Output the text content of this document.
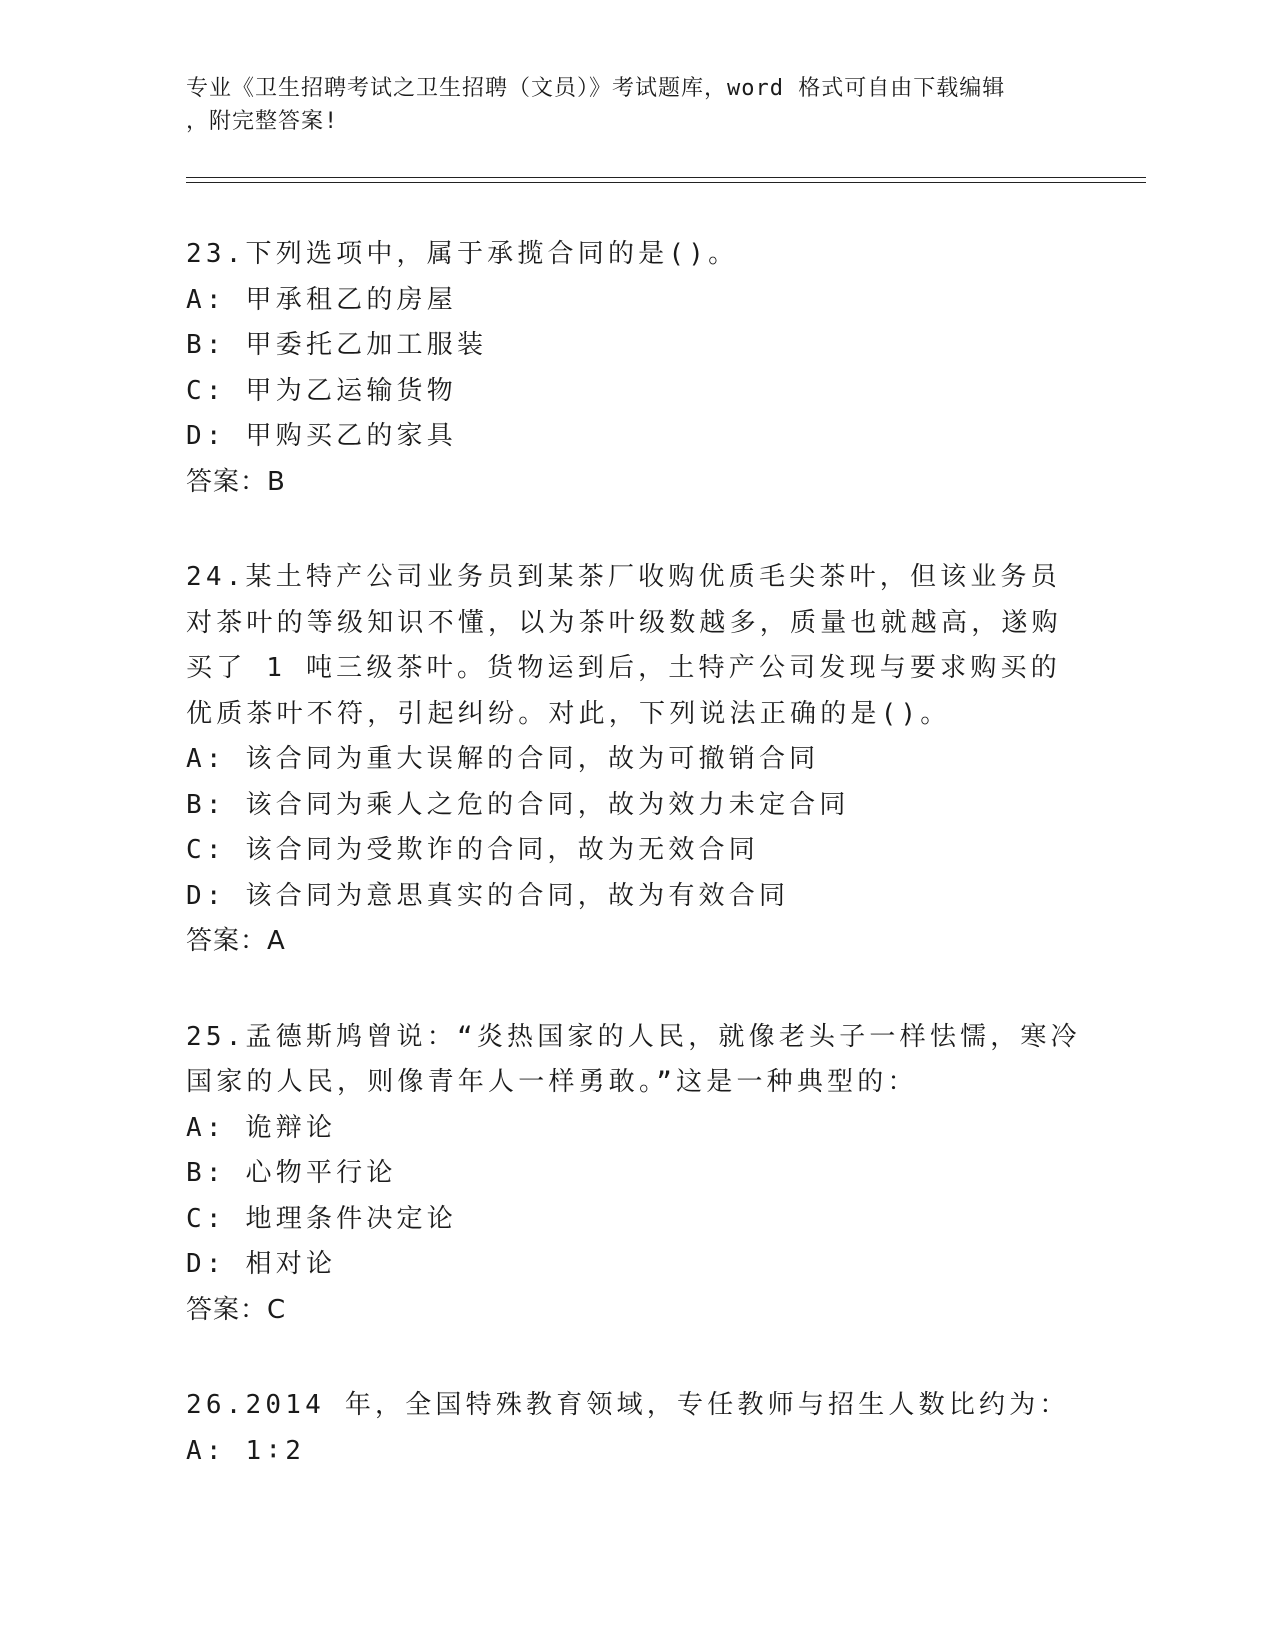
专业《卫生招聘考试之卫生招聘（文员）》考试题库，word 格式可自由下载编辑
，附完整答案!
23.下列选项中，属于承揽合同的是()。
A: 甲承租乙的房屋
B: 甲委托乙加工服装
C: 甲为乙运输货物
D: 甲购买乙的家具
答案：B
24.某土特产公司业务员到某茶厂收购优质毛尖茶叶，但该业务员对茶叶的等级知识不懂，以为茶叶级数越多，质量也就越高，遂购买了 1 吨三级茶叶。货物运到后，土特产公司发现与要求购买的优质茶叶不符，引起纠纷。对此，下列说法正确的是()。
A: 该合同为重大误解的合同，故为可撤销合同
B: 该合同为乘人之危的合同，故为效力未定合同
C: 该合同为受欺诈的合同，故为无效合同
D: 该合同为意思真实的合同，故为有效合同
答案：A
25.孟德斯鸠曾说：“炎热国家的人民，就像老头子一样怯懦，寒冷国家的人民，则像青年人一样勇敢。”这是一种典型的：
A: 诡辩论
B: 心物平行论
C: 地理条件决定论
D: 相对论
答案：C
26.2014 年，全国特殊教育领域，专任教师与招生人数比约为：
A: 1∶2
